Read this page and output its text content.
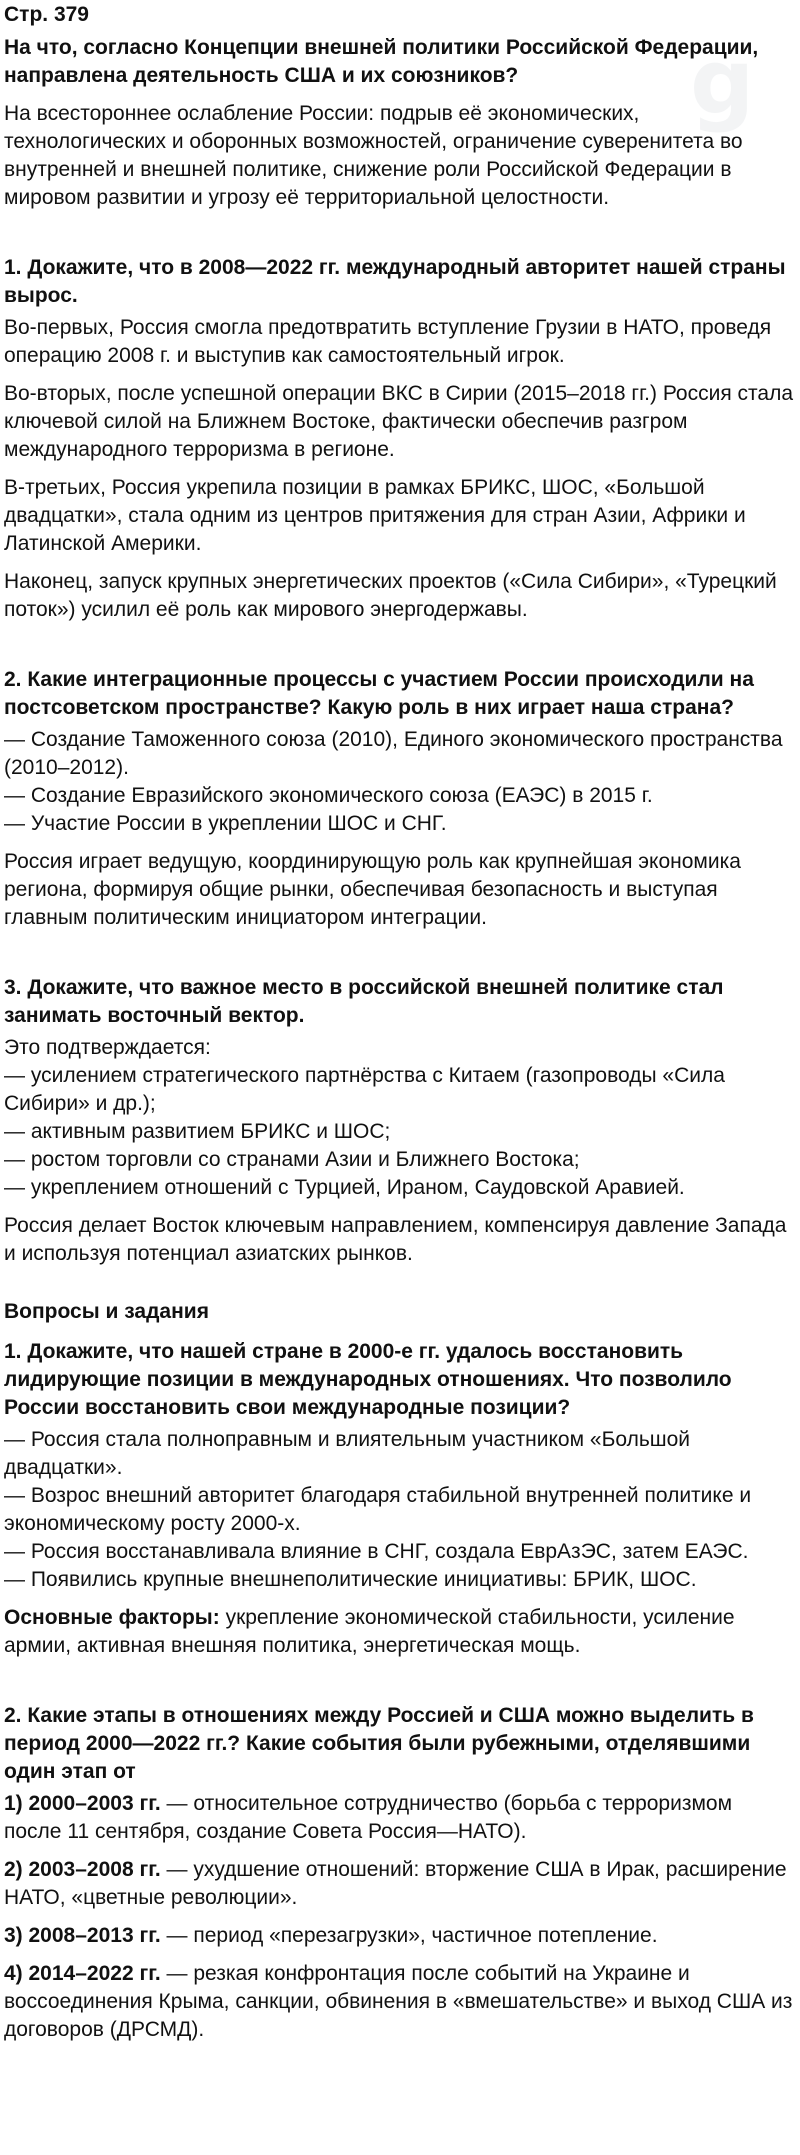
g
Стр. 379
На что, согласно Концепции внешней политики Российской Федерации, направлена деятельность США и их союзников?
На всестороннее ослабление России: подрыв её экономических, технологических и оборонных возможностей, ограничение суверенитета во внутренней и внешней политике, снижение роли Российской Федерации в мировом развитии и угрозу её территориальной целостности.
1. Докажите, что в 2008—2022 гг. международный авторитет нашей страны вырос.
Во-первых, Россия смогла предотвратить вступление Грузии в НАТО, проведя операцию 2008 г. и выступив как самостоятельный игрок.
Во-вторых, после успешной операции ВКС в Сирии (2015–2018 гг.) Россия стала ключевой силой на Ближнем Востоке, фактически обеспечив разгром международного терроризма в регионе.
В-третьих, Россия укрепила позиции в рамках БРИКС, ШОС, «Большой двадцатки», стала одним из центров притяжения для стран Азии, Африки и Латинской Америки.
Наконец, запуск крупных энергетических проектов («Сила Сибири», «Турецкий поток») усилил её роль как мирового энергодержавы.
2. Какие интеграционные процессы с участием России происходили на постсоветском пространстве? Какую роль в них играет наша страна?
— Создание Таможенного союза (2010), Единого экономического пространства (2010–2012).
— Создание Евразийского экономического союза (ЕАЭС) в 2015 г.
— Участие России в укреплении ШОС и СНГ.
Россия играет ведущую, координирующую роль как крупнейшая экономика региона, формируя общие рынки, обеспечивая безопасность и выступая главным политическим инициатором интеграции.
3. Докажите, что важное место в российской внешней политике стал занимать восточный вектор.
Это подтверждается:
— усилением стратегического партнёрства с Китаем (газопроводы «Сила Сибири» и др.);
— активным развитием БРИКС и ШОС;
— ростом торговли со странами Азии и Ближнего Востока;
— укреплением отношений с Турцией, Ираном, Саудовской Аравией.
Россия делает Восток ключевым направлением, компенсируя давление Запада и используя потенциал азиатских рынков.
Вопросы и задания
1. Докажите, что нашей стране в 2000-е гг. удалось восстановить лидирующие позиции в международных отношениях. Что позволило России восстановить свои международные позиции?
— Россия стала полноправным и влиятельным участником «Большой двадцатки».
— Возрос внешний авторитет благодаря стабильной внутренней политике и экономическому росту 2000-х.
— Россия восстанавливала влияние в СНГ, создала ЕврАзЭС, затем ЕАЭС.
— Появились крупные внешнеполитические инициативы: БРИК, ШОС.
Основные факторы: укрепление экономической стабильности, усиление армии, активная внешняя политика, энергетическая мощь.
2. Какие этапы в отношениях между Россией и США можно выделить в период 2000—2022 гг.? Какие события были рубежными, отделявшими один этап от
1) 2000–2003 гг. — относительное сотрудничество (борьба с терроризмом после 11 сентября, создание Совета Россия—НАТО).
2) 2003–2008 гг. — ухудшение отношений: вторжение США в Ирак, расширение НАТО, «цветные революции».
3) 2008–2013 гг. — период «перезагрузки», частичное потепление.
4) 2014–2022 гг. — резкая конфронтация после событий на Украине и воссоединения Крыма, санкции, обвинения в «вмешательстве» и выход США из договоров (ДРСМД).
